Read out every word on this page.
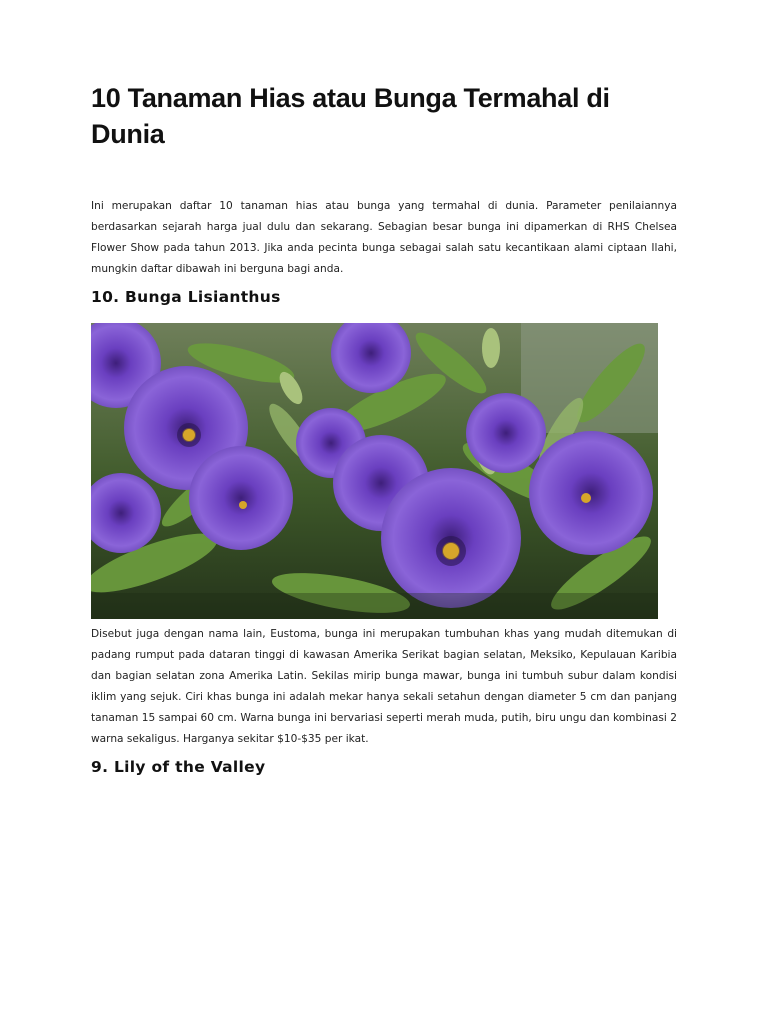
10 Tanaman Hias atau Bunga Termahal di Dunia

Ini merupakan daftar 10 tanaman hias atau bunga yang termahal di dunia. Parameter penilaiannya berdasarkan sejarah harga jual dulu dan sekarang. Sebagian besar bunga ini dipamerkan di RHS Chelsea Flower Show pada tahun 2013. Jika anda pecinta bunga sebagai salah satu kecantikaan alami ciptaan Ilahi, mungkin daftar dibawah ini berguna bagi anda.

10. Bunga Lisianthus

Disebut juga dengan nama lain, Eustoma, bunga ini merupakan tumbuhan khas yang mudah ditemukan di padang rumput pada dataran tinggi di kawasan Amerika Serikat bagian selatan, Meksiko, Kepulauan Karibia dan bagian selatan zona Amerika Latin. Sekilas mirip bunga mawar, bunga ini tumbuh subur dalam kondisi iklim yang sejuk. Ciri khas bunga ini adalah mekar hanya sekali setahun dengan diameter 5 cm dan panjang tanaman 15 sampai 60 cm. Warna bunga ini bervariasi seperti merah muda, putih, biru ungu dan kombinasi 2 warna sekaligus. Harganya sekitar $10-$35 per ikat.

9. Lily of the Valley
